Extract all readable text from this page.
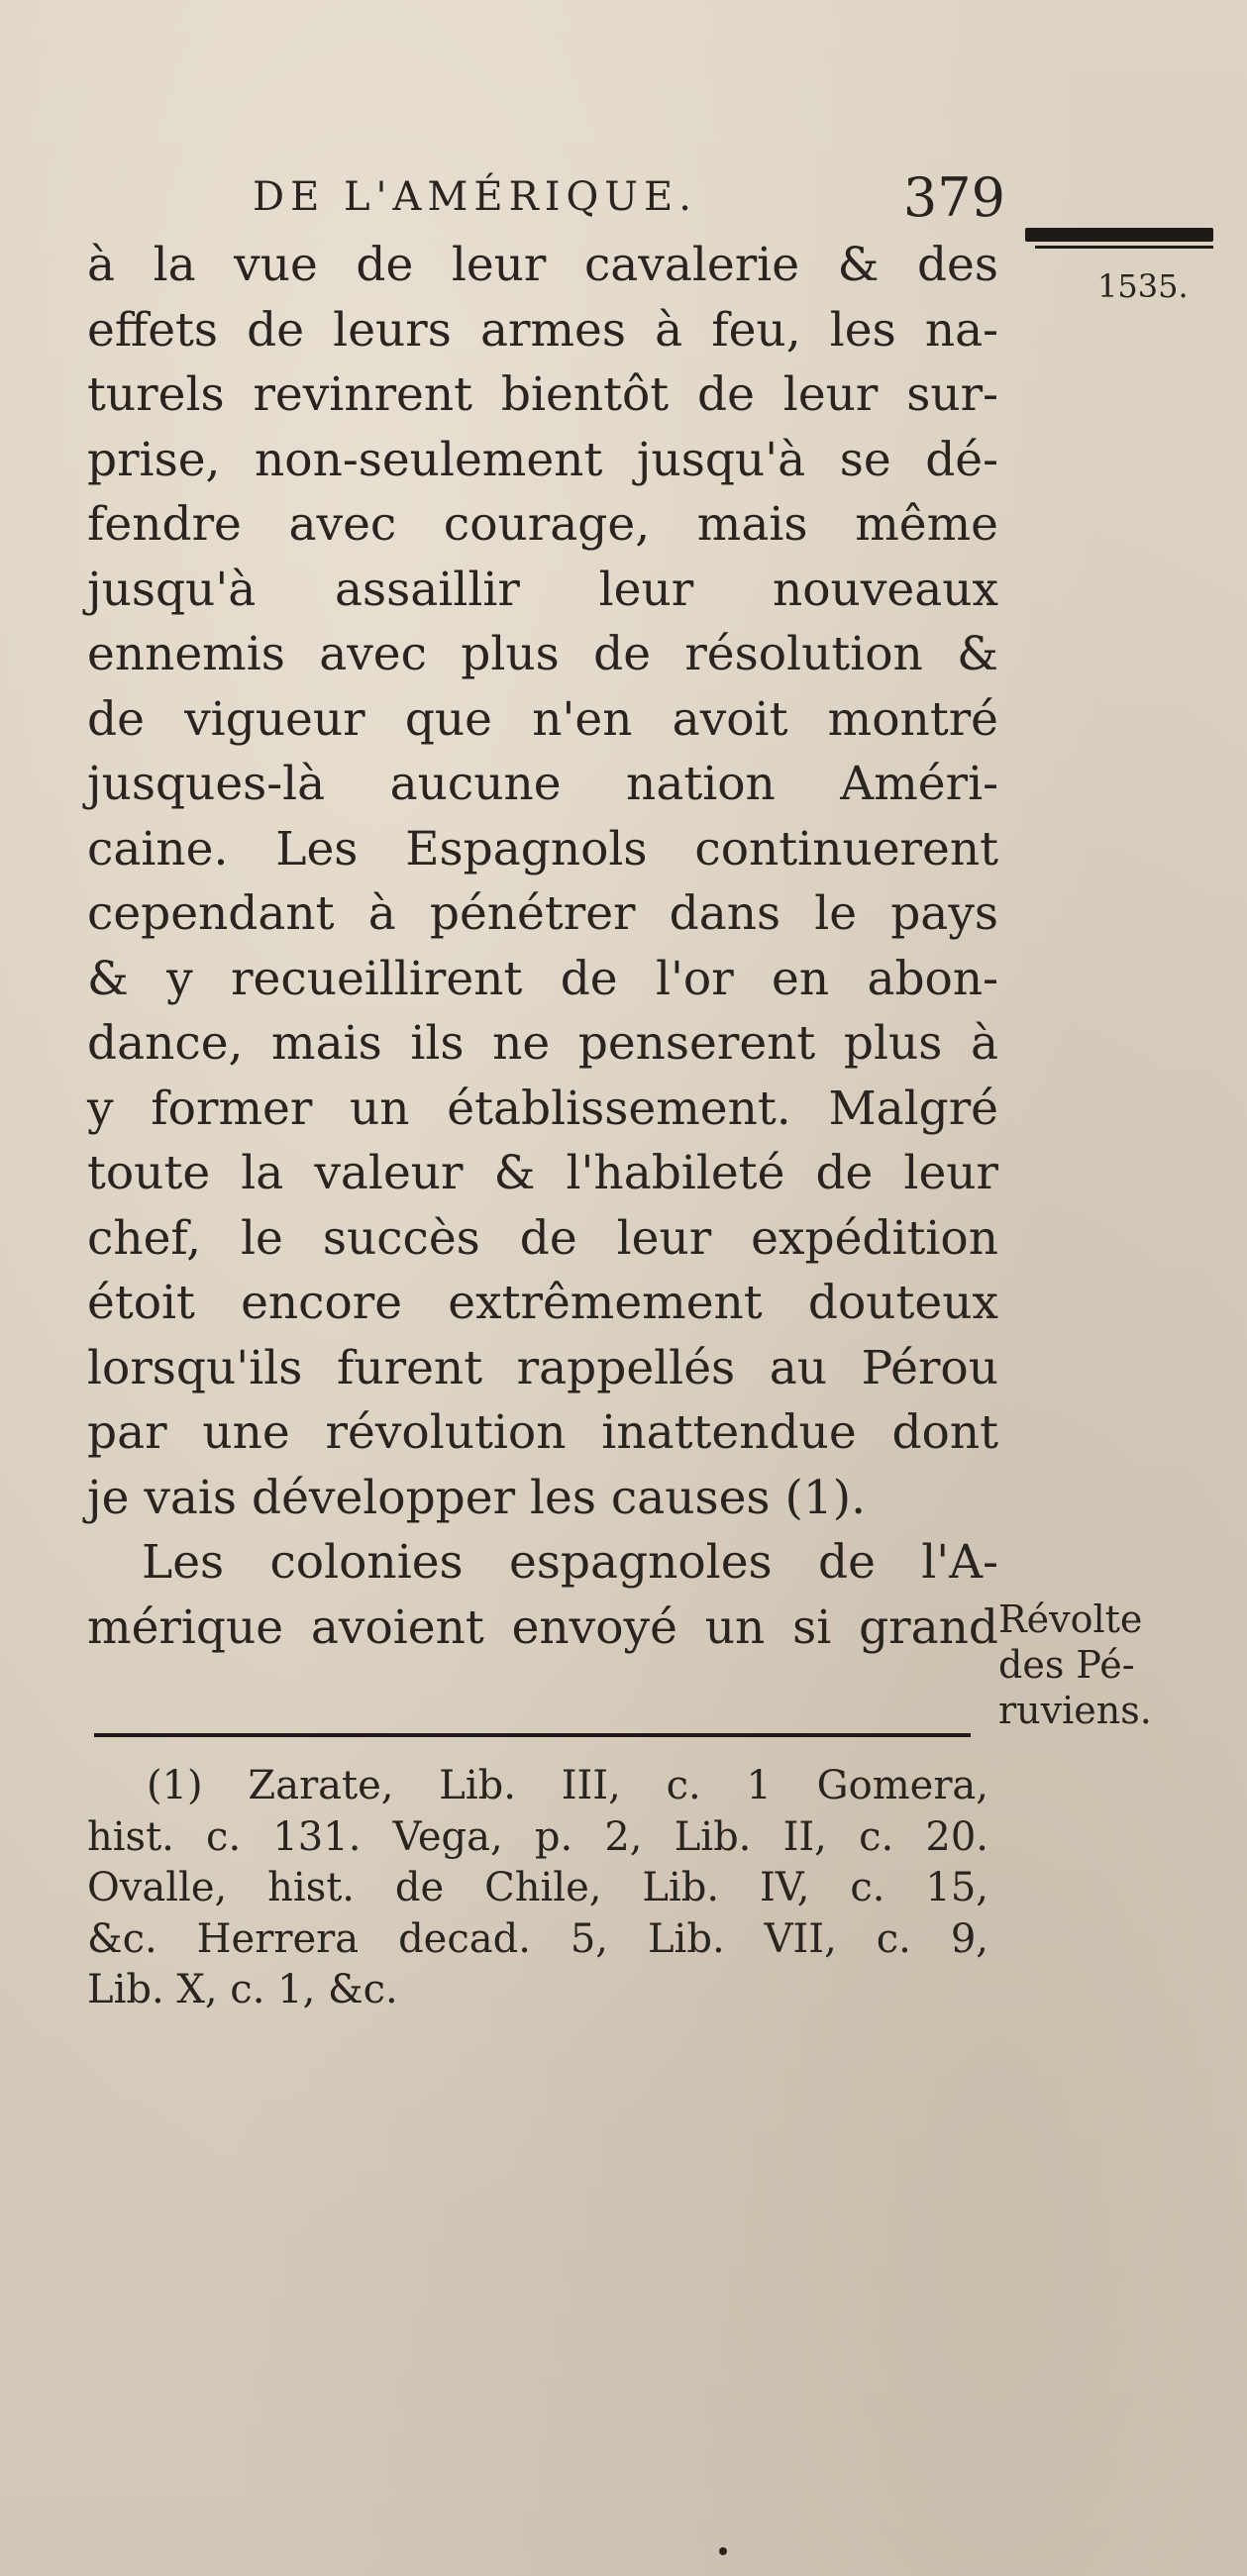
DE L'AMÉRIQUE.	379
1535.
à la vue de leur cavalerie & des
effets de leurs armes à feu, les na-
turels revinrent bientôt de leur sur-
prise, non-seulement jusqu'à se dé-
fendre avec courage, mais même
jusqu'à assaillir leur nouveaux
ennemis avec plus de résolution &
de vigueur que n'en avoit montré
jusques-là aucune nation Améri-
caine. Les Espagnols continuerent
cependant à pénétrer dans le pays
& y recueillirent de l'or en abon-
dance, mais ils ne penserent plus à
y former un établissement. Malgré
toute la valeur & l'habileté de leur
chef, le succès de leur expédition
étoit encore extrêmement douteux
lorsqu'ils furent rappellés au Pérou
par une révolution inattendue dont
je vais développer les causes (1).
Les colonies espagnoles de l'A-
mérique avoient envoyé un si grand Révolte
des Pé-
ruviens.
(1) Zarate, Lib. III, c. 1 Gomera,
hist. c. 131. Vega, p. 2, Lib. II, c. 20.
Ovalle, hist. de Chile, Lib. IV, c. 15,
&c. Herrera decad. 5, Lib. VII, c. 9,
Lib. X, c. 1, &c.
